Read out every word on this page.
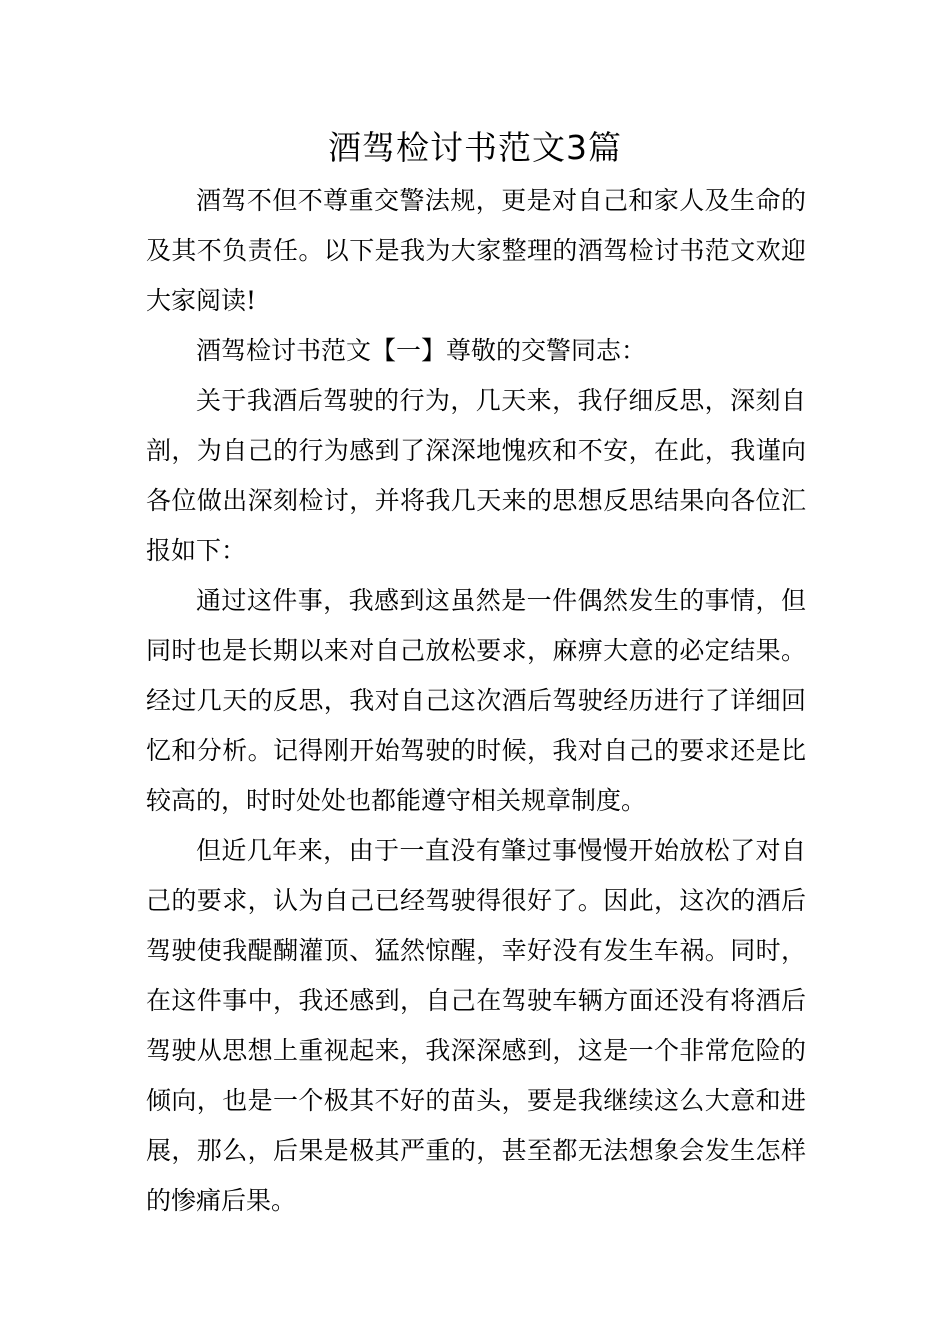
酒驾检讨书范文3篇

酒驾不但不尊重交警法规，更是对自己和家人及生命的及其不负责任。以下是我为大家整理的酒驾检讨书范文欢迎大家阅读!

酒驾检讨书范文【一】尊敬的交警同志：

关于我酒后驾驶的行为，几天来，我仔细反思，深刻自剖，为自己的行为感到了深深地愧疚和不安，在此，我谨向各位做出深刻检讨，并将我几天来的思想反思结果向各位汇报如下：

通过这件事，我感到这虽然是一件偶然发生的事情，但同时也是长期以来对自己放松要求，麻痹大意的必定结果。经过几天的反思，我对自己这次酒后驾驶经历进行了详细回忆和分析。记得刚开始驾驶的时候，我对自己的要求还是比较高的，时时处处也都能遵守相关规章制度。

但近几年来，由于一直没有肇过事慢慢开始放松了对自己的要求，认为自己已经驾驶得很好了。因此，这次的酒后驾驶使我醍醐灌顶、猛然惊醒，幸好没有发生车祸。同时，在这件事中，我还感到，自己在驾驶车辆方面还没有将酒后驾驶从思想上重视起来，我深深感到，这是一个非常危险的倾向，也是一个极其不好的苗头，要是我继续这么大意和进展，那么，后果是极其严重的，甚至都无法想象会发生怎样的惨痛后果。
